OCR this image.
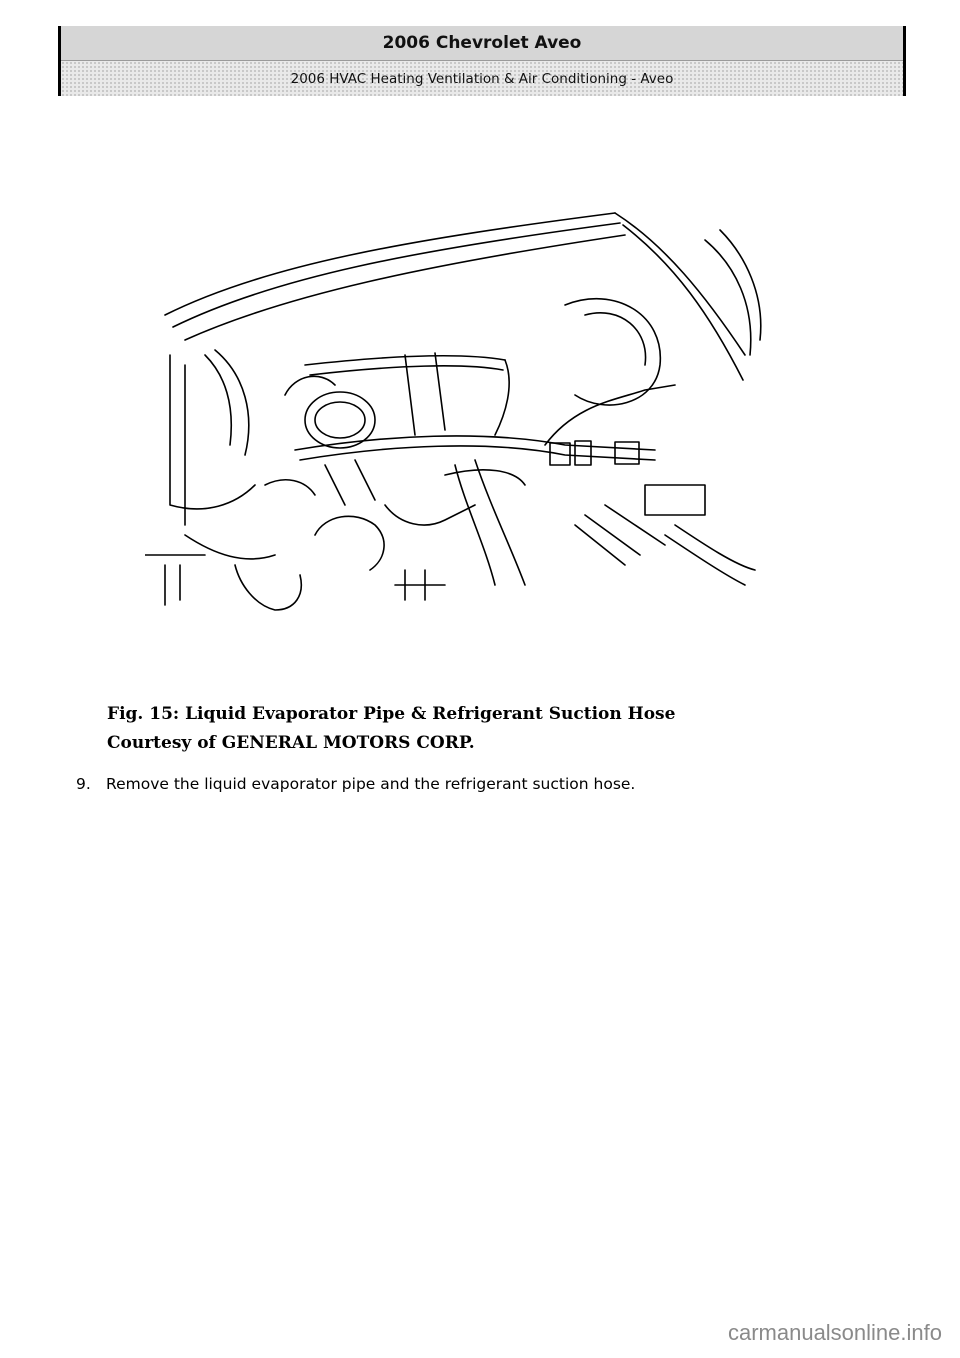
2006 Chevrolet Aveo
2006 HVAC Heating Ventilation & Air Conditioning - Aveo
Fig. 15: Liquid Evaporator Pipe & Refrigerant Suction Hose
Courtesy of GENERAL MOTORS CORP.
9. Remove the liquid evaporator pipe and the refrigerant suction hose.
carmanualsonline.info
